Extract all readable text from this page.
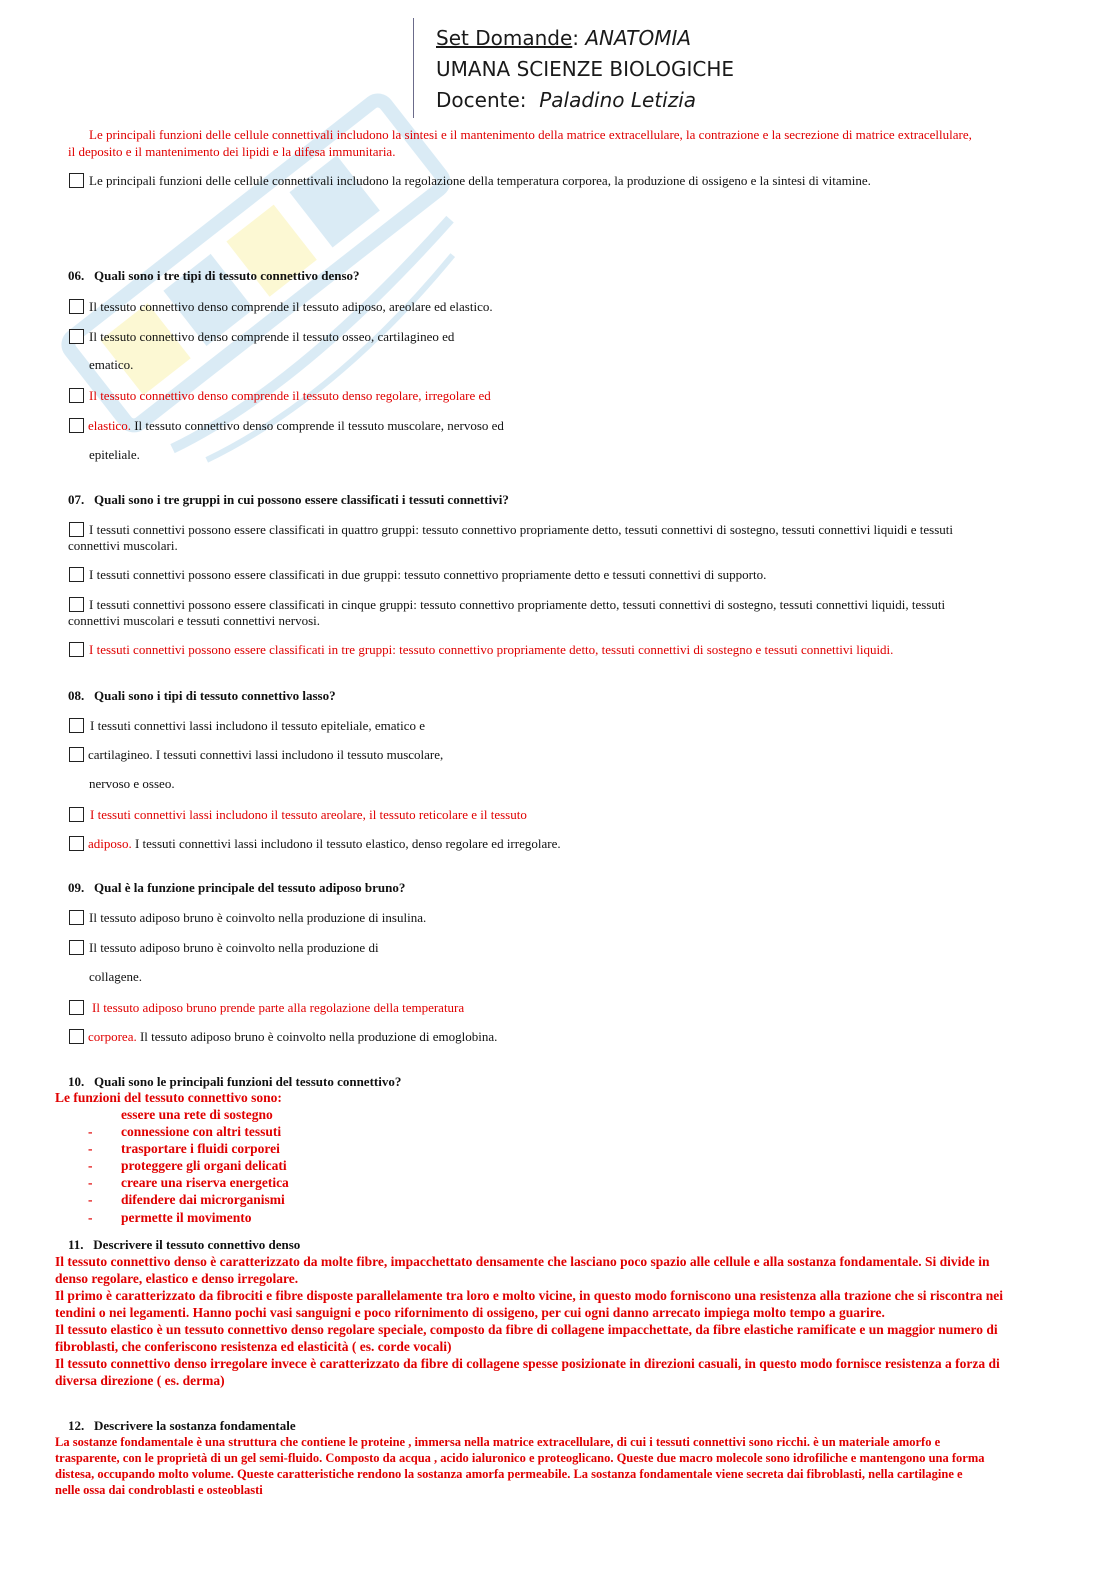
Set Domande: ANATOMIA
UMANA SCIENZE BIOLOGICHE
Docente: Paladino Letizia
Le principali funzioni delle cellule connettivali includono la sintesi e il mantenimento della matrice extracellulare, la contrazione e la secrezione di matrice extracellulare,
il deposito e il mantenimento dei lipidi e la difesa immunitaria.
Le principali funzioni delle cellule connettivali includono la regolazione della temperatura corporea, la produzione di ossigeno e la sintesi di vitamine.
06. Quali sono i tre tipi di tessuto connettivo denso?
Il tessuto connettivo denso comprende il tessuto adiposo, areolare ed elastico.
Il tessuto connettivo denso comprende il tessuto osseo, cartilagineo ed
ematico.
Il tessuto connettivo denso comprende il tessuto denso regolare, irregolare ed
elastico. Il tessuto connettivo denso comprende il tessuto muscolare, nervoso ed
epiteliale.
07. Quali sono i tre gruppi in cui possono essere classificati i tessuti connettivi?
I tessuti connettivi possono essere classificati in quattro gruppi: tessuto connettivo propriamente detto, tessuti connettivi di sostegno, tessuti connettivi liquidi e tessuti
connettivi muscolari.
I tessuti connettivi possono essere classificati in due gruppi: tessuto connettivo propriamente detto e tessuti connettivi di supporto.
I tessuti connettivi possono essere classificati in cinque gruppi: tessuto connettivo propriamente detto, tessuti connettivi di sostegno, tessuti connettivi liquidi, tessuti
connettivi muscolari e tessuti connettivi nervosi.
I tessuti connettivi possono essere classificati in tre gruppi: tessuto connettivo propriamente detto, tessuti connettivi di sostegno e tessuti connettivi liquidi.
08. Quali sono i tipi di tessuto connettivo lasso?
I tessuti connettivi lassi includono il tessuto epiteliale, ematico e
cartilagineo. I tessuti connettivi lassi includono il tessuto muscolare,
nervoso e osseo.
I tessuti connettivi lassi includono il tessuto areolare, il tessuto reticolare e il tessuto
adiposo. I tessuti connettivi lassi includono il tessuto elastico, denso regolare ed irregolare.
09. Qual è la funzione principale del tessuto adiposo bruno?
Il tessuto adiposo bruno è coinvolto nella produzione di insulina.
Il tessuto adiposo bruno è coinvolto nella produzione di
collagene.
Il tessuto adiposo bruno prende parte alla regolazione della temperatura
corporea. Il tessuto adiposo bruno è coinvolto nella produzione di emoglobina.
10. Quali sono le principali funzioni del tessuto connettivo?
Le funzioni del tessuto connettivo sono:
essere una rete di sostegno
- connessione con altri tessuti
- trasportare i fluidi corporei
- proteggere gli organi delicati
- creare una riserva energetica
- difendere dai microrganismi
- permette il movimento
11. Descrivere il tessuto connettivo denso
Il tessuto connettivo denso è caratterizzato da molte fibre, impacchettato densamente che lasciano poco spazio alle cellule e alla sostanza fondamentale. Si divide in
denso regolare, elastico e denso irregolare.
Il primo è caratterizzato da fibrociti e fibre disposte parallelamente tra loro e molto vicine, in questo modo forniscono una resistenza alla trazione che si riscontra nei
tendini o nei legamenti. Hanno pochi vasi sanguigni e poco rifornimento di ossigeno, per cui ogni danno arrecato impiega molto tempo a guarire.
Il tessuto elastico è un tessuto connettivo denso regolare speciale, composto da fibre di collagene impacchettate, da fibre elastiche ramificate e un maggior numero di
fibroblasti, che conferiscono resistenza ed elasticità ( es. corde vocali)
Il tessuto connettivo denso irregolare invece è caratterizzato da fibre di collagene spesse posizionate in direzioni casuali, in questo modo fornisce resistenza a forza di
diversa direzione ( es. derma)
12. Descrivere la sostanza fondamentale
La sostanze fondamentale è una struttura che contiene le proteine , immersa nella matrice extracellulare, di cui i tessuti connettivi sono ricchi. è un materiale amorfo e
trasparente, con le proprietà di un gel semi-fluido. Composto da acqua , acido ialuronico e proteoglicano. Queste due macro molecole sono idrofiliche e mantengono una forma
distesa, occupando molto volume. Queste caratteristiche rendono la sostanza amorfa permeabile. La sostanza fondamentale viene secreta dai fibroblasti, nella cartilagine e
nelle ossa dai condroblasti e osteoblasti
